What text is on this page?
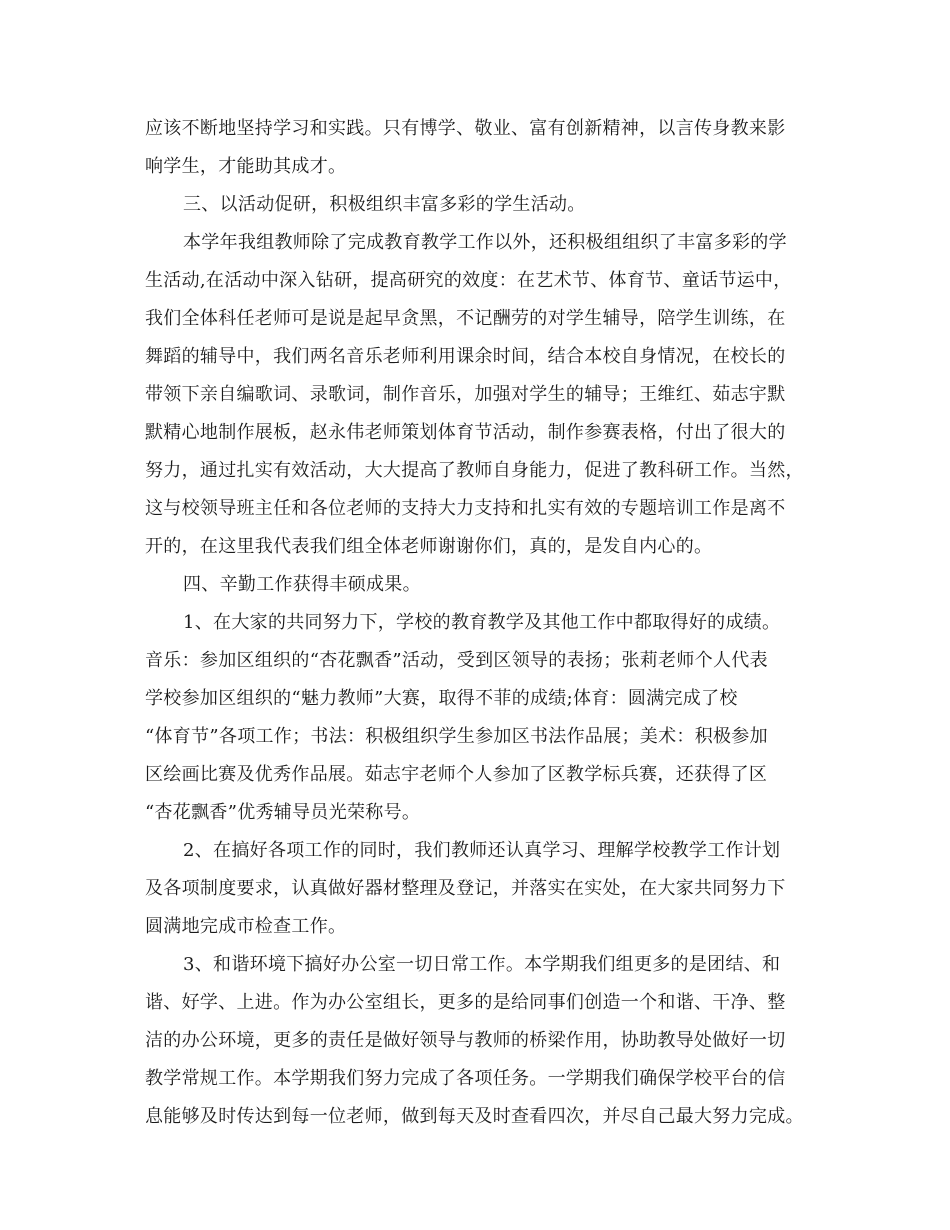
应该不断地坚持学习和实践。只有博学、敬业、富有创新精神，以言传身教来影
响学生，才能助其成才。
三、以活动促研，积极组织丰富多彩的学生活动。
本学年我组教师除了完成教育教学工作以外，还积极组组织了丰富多彩的学
生活动,在活动中深入钻研，提高研究的效度：在艺术节、体育节、童话节运中，
我们全体科任老师可是说是起早贪黑，不记酬劳的对学生辅导，陪学生训练，在
舞蹈的辅导中，我们两名音乐老师利用课余时间，结合本校自身情况，在校长的
带领下亲自编歌词、录歌词，制作音乐，加强对学生的辅导；王维红、茹志宇默
默精心地制作展板，赵永伟老师策划体育节活动，制作参赛表格，付出了很大的
努力，通过扎实有效活动，大大提高了教师自身能力，促进了教科研工作。当然，
这与校领导班主任和各位老师的支持大力支持和扎实有效的专题培训工作是离不
开的，在这里我代表我们组全体老师谢谢你们，真的，是发自内心的。
四、辛勤工作获得丰硕成果。
1、在大家的共同努力下，学校的教育教学及其他工作中都取得好的成绩。
音乐：参加区组织的“杏花飘香”活动，受到区领导的表扬；张莉老师个人代表
学校参加区组织的“魅力教师”大赛，取得不菲的成绩;体育：圆满完成了校
“体育节”各项工作；书法：积极组织学生参加区书法作品展；美术：积极参加
区绘画比赛及优秀作品展。茹志宇老师个人参加了区教学标兵赛，还获得了区
“杏花飘香”优秀辅导员光荣称号。
2、在搞好各项工作的同时，我们教师还认真学习、理解学校教学工作计划
及各项制度要求，认真做好器材整理及登记，并落实在实处，在大家共同努力下
圆满地完成市检查工作。
3、和谐环境下搞好办公室一切日常工作。本学期我们组更多的是团结、和
谐、好学、上进。作为办公室组长，更多的是给同事们创造一个和谐、干净、整
洁的办公环境，更多的责任是做好领导与教师的桥梁作用，协助教导处做好一切
教学常规工作。本学期我们努力完成了各项任务。一学期我们确保学校平台的信
息能够及时传达到每一位老师，做到每天及时查看四次，并尽自己最大努力完成。
